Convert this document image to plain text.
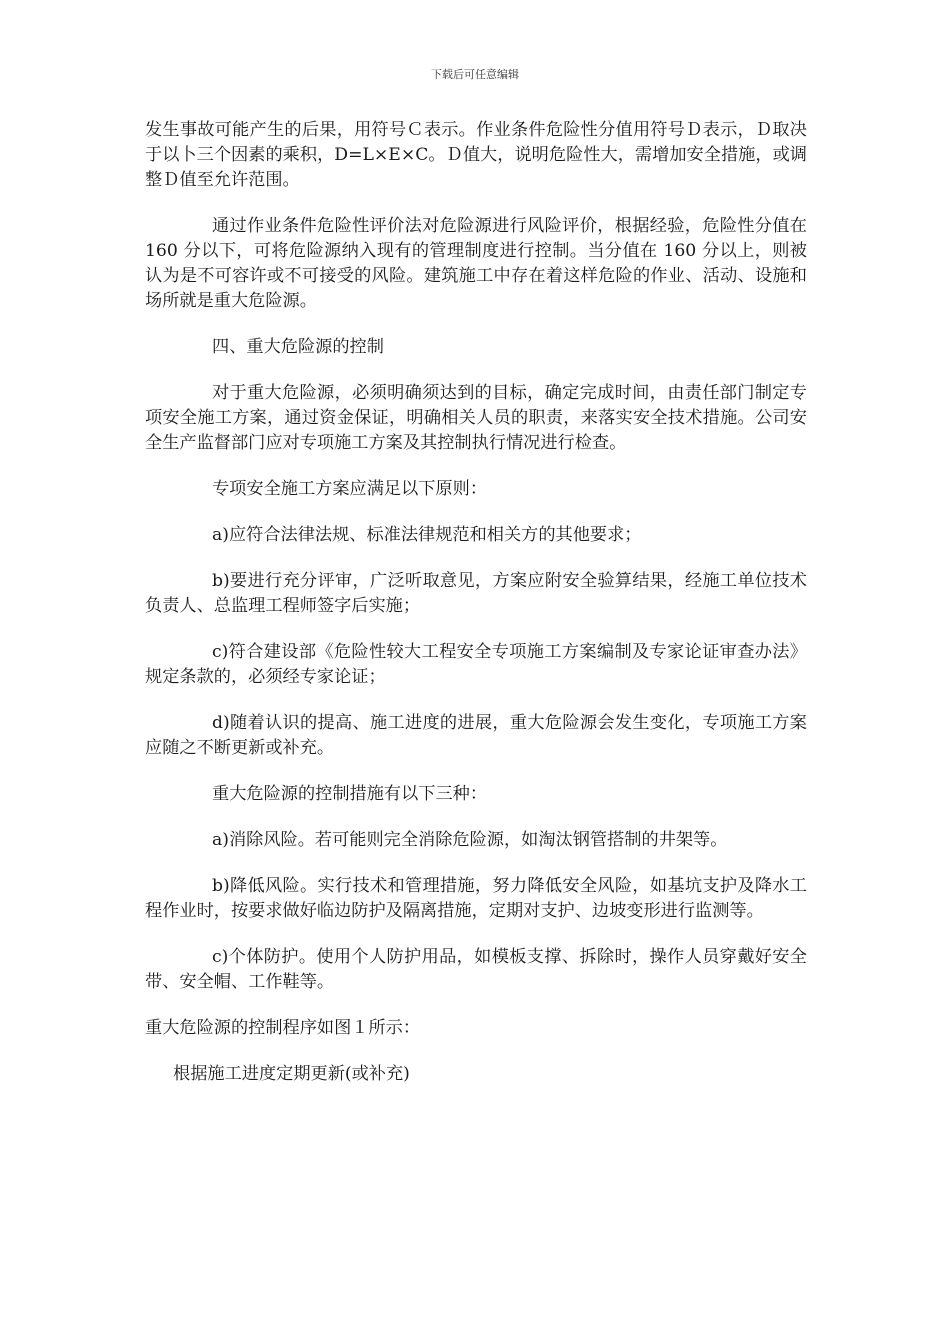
下载后可任意编辑

发生事故可能产生的后果，用符号Ｃ表示。作业条件危险性分值用符号Ｄ表示，Ｄ取决于以卜三个因素的乘积，D=L×E×C。Ｄ值大，说明危险性大，需增加安全措施，或调整Ｄ值至允许范围。

通过作业条件危险性评价法对危险源进行风险评价，根据经验，危险性分值在 160 分以下，可将危险源纳入现有的管理制度进行控制。当分值在 160 分以上，则被认为是不可容许或不可接受的风险。建筑施工中存在着这样危险的作业、活动、设施和场所就是重大危险源。

四、重大危险源的控制

对于重大危险源，必须明确须达到的目标，确定完成时间，由责任部门制定专项安全施工方案，通过资金保证，明确相关人员的职责，来落实安全技术措施。公司安全生产监督部门应对专项施工方案及其控制执行情况进行检查。

专项安全施工方案应满足以下原则：

a)应符合法律法规、标准法律规范和相关方的其他要求；

b)要进行充分评审，广泛听取意见，方案应附安全验算结果，经施工单位技术负责人、总监理工程师签字后实施；

c)符合建设部《危险性较大工程安全专项施工方案编制及专家论证审查办法》规定条款的，必须经专家论证；

d)随着认识的提高、施工进度的进展，重大危险源会发生变化，专项施工方案应随之不断更新或补充。

重大危险源的控制措施有以下三种：

a)消除风险。若可能则完全消除危险源，如淘汰钢管搭制的井架等。

b)降低风险。实行技术和管理措施，努力降低安全风险，如基坑支护及降水工程作业时，按要求做好临边防护及隔离措施，定期对支护、边坡变形进行监测等。

c)个体防护。使用个人防护用品，如模板支撑、拆除时，操作人员穿戴好安全带、安全帽、工作鞋等。

重大危险源的控制程序如图１所示：

根据施工进度定期更新(或补充)
